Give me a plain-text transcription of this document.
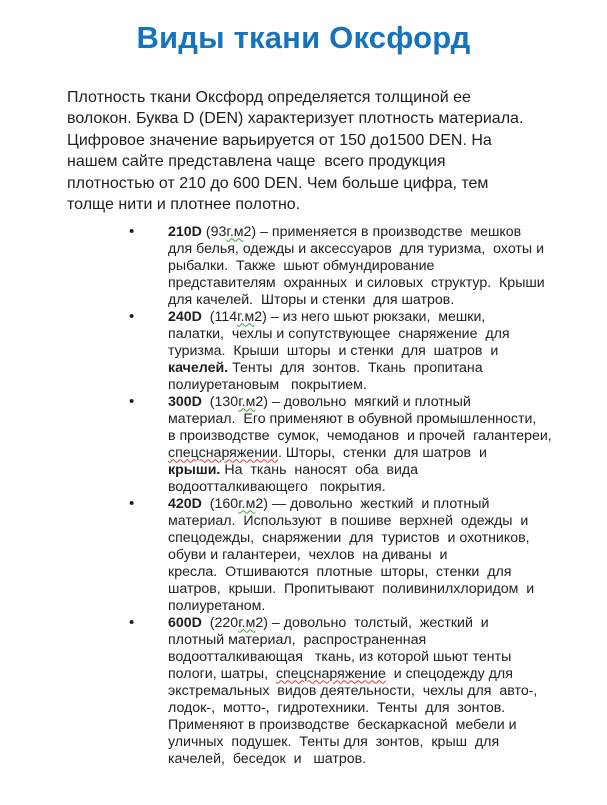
Виды ткани Оксфорд
Плотность ткани Оксфорд определяется толщиной ее
волокон. Буква D (DEN) характеризует плотность материала.
Цифровое значение варьируется от 150 до1500 DEN. На
нашем сайте представлена чаще  всего продукция
плотностью от 210 до 600 DEN. Чем больше цифра, тем
толще нити и плотнее полотно.
• 210D (93г.м2) – применяется в производстве  мешков
для белья, одежды и аксессуаров  для туризма,  охоты и
рыбалки.  Также  шьют обмундирование
представителям  охранных  и силовых  структур.  Крыши
для качелей.  Шторы и стенки  для шатров.
• 240D  (114г.м2) – из него шьют рюкзаки,  мешки,
палатки,  чехлы и сопутствующее  снаряжение  для
туризма.  Крыши  шторы  и стенки  для  шатров  и
качелей. Тенты  для  зонтов.  Ткань  пропитана
полиуретановым   покрытием.
• 300D  (130г.м2) – довольно  мягкий и плотный
материал.  Его применяют в обувной промышленности,
в производстве  сумок,  чемоданов  и прочей  галантереи,
спецснаряжении. Шторы,  стенки  для шатров  и
крыши. На  ткань  наносят  оба  вида
водоотталкивающего   покрытия.
• 420D  (160г.м2) — довольно  жесткий  и плотный
материал.  Используют  в пошиве  верхней  одежды  и
спецодежды,  снаряжении  для  туристов  и охотников,
обуви и галантереи,  чехлов  на диваны  и
кресла.  Отшиваются  плотные  шторы,  стенки  для
шатров,  крыши.  Пропитывают  поливинилхлоридом  и
полиуретаном.
• 600D  (220г.м2) – довольно  толстый,  жесткий  и
плотный материал,  распространенная
водоотталкивающая   ткань, из которой шьют тенты
пологи, шатры,  спецснаряжение  и спецодежду для
экстремальных  видов деятельности,  чехлы для  авто-,
лодок-,  мотто-,  гидротехники.  Тенты  для  зонтов.
Применяют в производстве  бескаркасной  мебели и
уличных  подушек.  Тенты для  зонтов,  крыш  для
качелей,  беседок  и   шатров.
